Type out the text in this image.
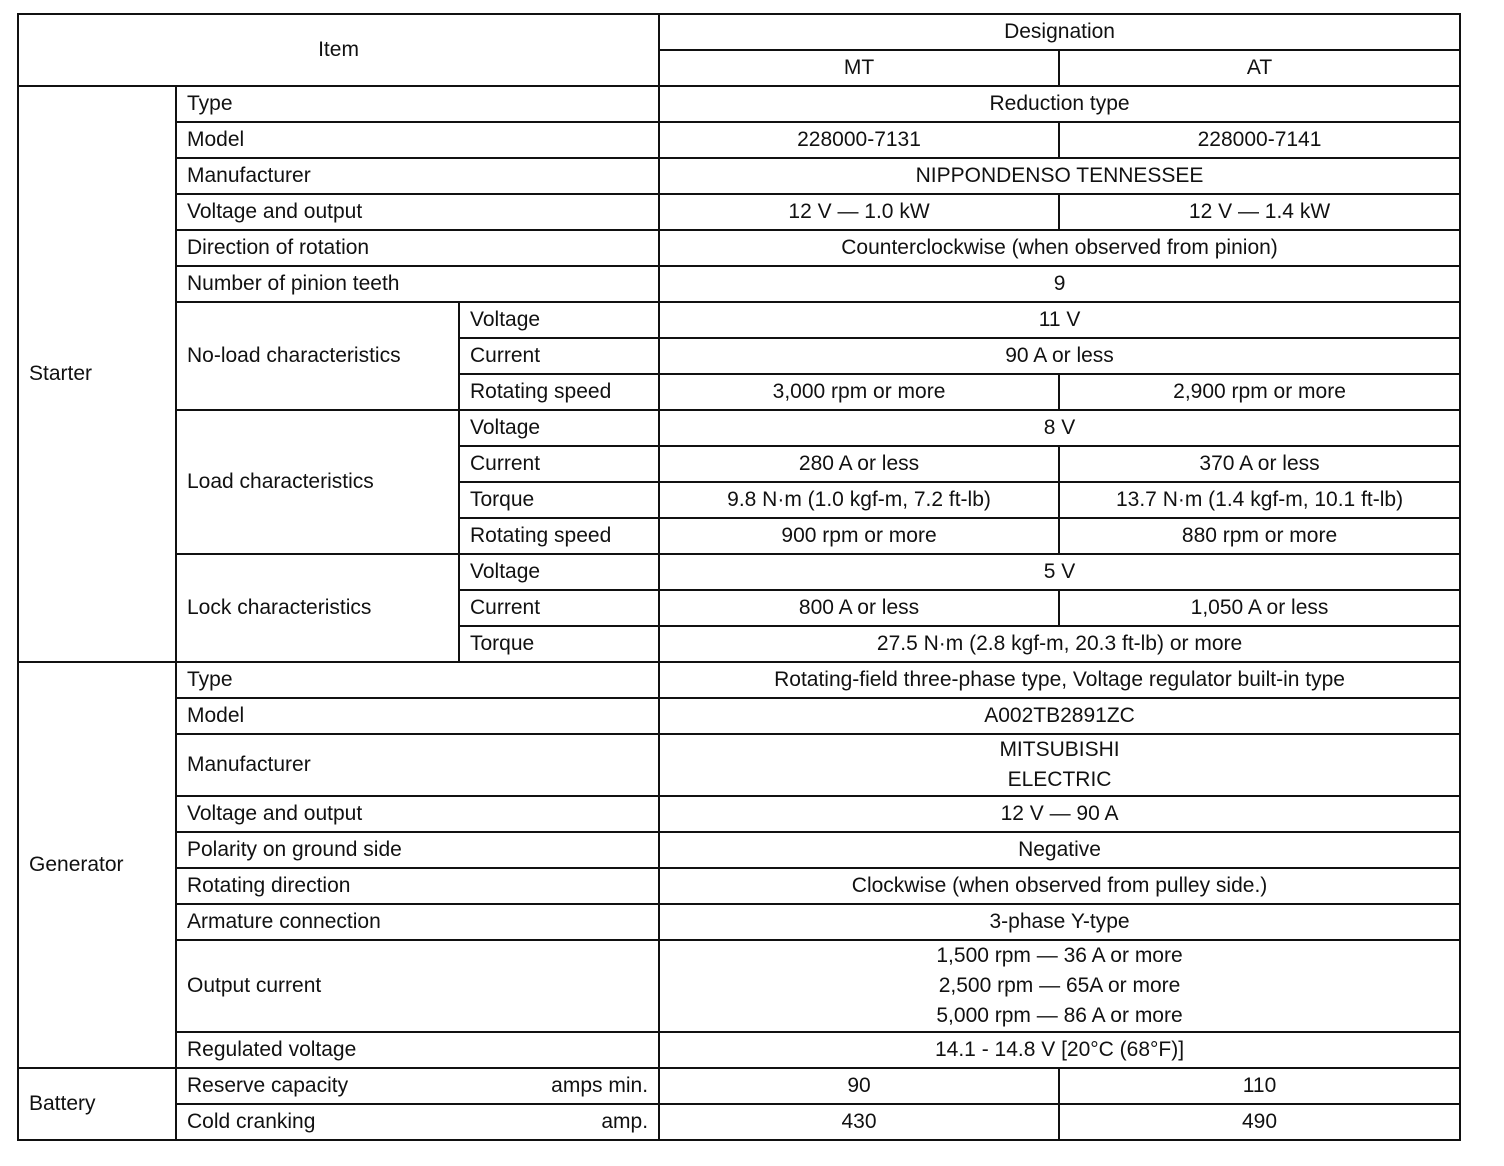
Item			Designation	
			MT	AT
Starter	Type		Reduction type	
	Model		228000-7131	228000-7141
	Manufacturer		NIPPONDENSO TENNESSEE	
	Voltage and output		12 V — 1.0 kW	12 V — 1.4 kW
	Direction of rotation		Counterclockwise (when observed from pinion)	
	Number of pinion teeth		9	
	No-load characteristics	Voltage	11 V	
		Current	90 A or less	
		Rotating speed	3,000 rpm or more	2,900 rpm or more
	Load characteristics	Voltage	8 V	
		Current	280 A or less	370 A or less
		Torque	9.8 N·m (1.0 kgf-m, 7.2 ft-lb)	13.7 N·m (1.4 kgf-m, 10.1 ft-lb)
		Rotating speed	900 rpm or more	880 rpm or more
	Lock characteristics	Voltage	5 V	
		Current	800 A or less	1,050 A or less
		Torque	27.5 N·m (2.8 kgf-m, 20.3 ft-lb) or more	
Generator	Type		Rotating-field three-phase type, Voltage regulator built-in type	
	Model		A002TB2891ZC	
	Manufacturer		MITSUBISHI
ELECTRIC	

	Voltage and output		12 V — 90 A	
	Polarity on ground side		Negative	
	Rotating direction		Clockwise (when observed from pulley side.)	
	Armature connection		3-phase Y-type	
	Output current		1,500 rpm — 36 A or more
2,500 rpm — 65A or more
5,000 rpm — 86 A or more	

	Regulated voltage		14.1 - 14.8 V [20°C (68°F)]	
Battery	Reserve capacity amps min.		90	110
	Cold cranking amp.		430	490
